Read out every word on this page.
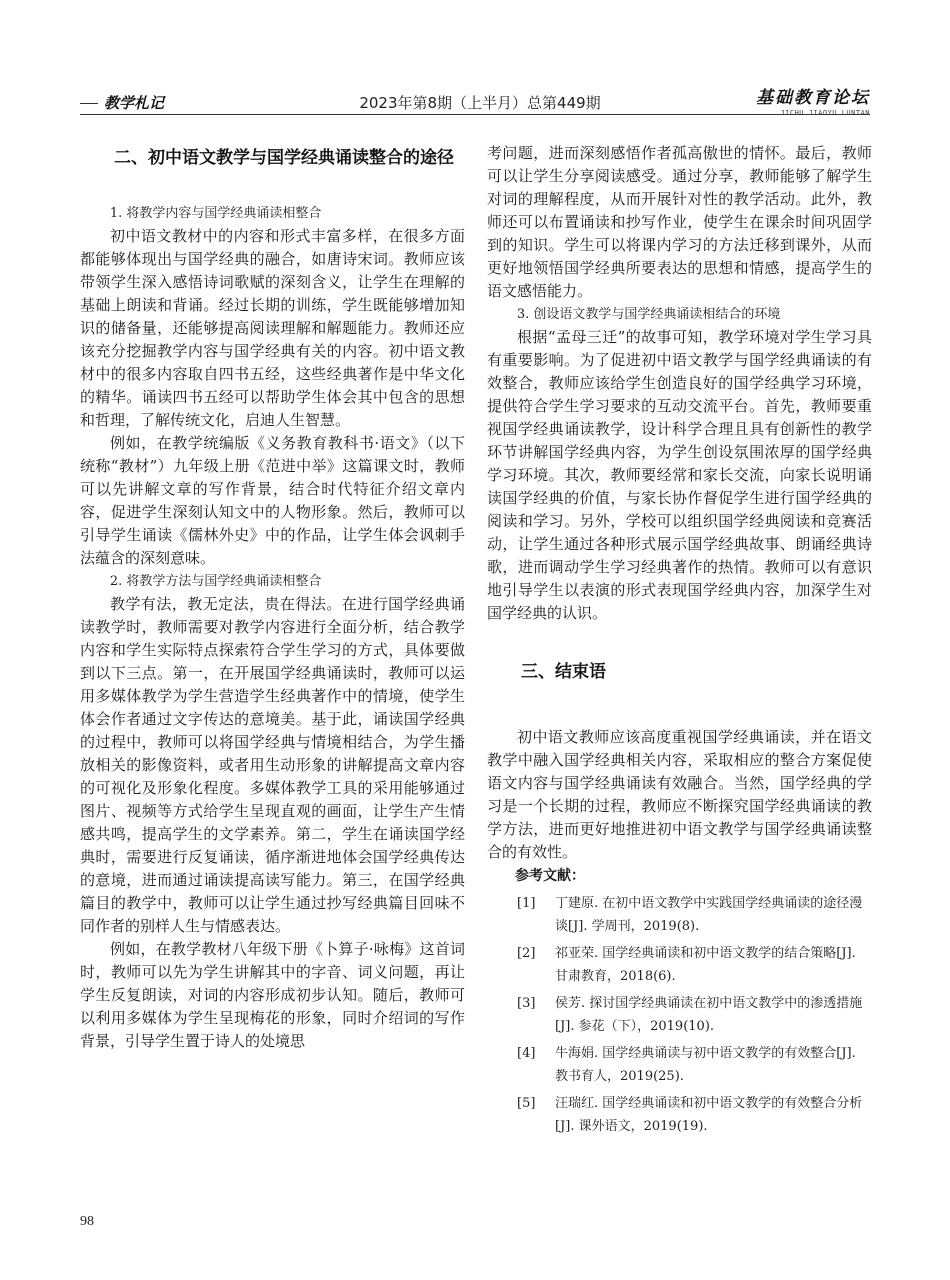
教学札记	2023年第8期（上半月）总第449期	基础教育论坛
JICHU JIAOYU LUNTAN
二、初中语文教学与国学经典诵读整合的途径

1. 将教学内容与国学经典诵读相整合

初中语文教材中的内容和形式丰富多样，在很多方面都能够体现出与国学经典的融合，如唐诗宋词。教师应该带领学生深入感悟诗词歌赋的深刻含义，让学生在理解的基础上朗读和背诵。经过长期的训练，学生既能够增加知识的储备量，还能够提高阅读理解和解题能力。教师还应该充分挖掘教学内容与国学经典有关的内容。初中语文教材中的很多内容取自四书五经，这些经典著作是中华文化的精华。诵读四书五经可以帮助学生体会其中包含的思想和哲理，了解传统文化，启迪人生智慧。

例如，在教学统编版《义务教育教科书·语文》（以下统称“教材”）九年级上册《范进中举》这篇课文时，教师可以先讲解文章的写作背景，结合时代特征介绍文章内容，促进学生深刻认知文中的人物形象。然后，教师可以引导学生诵读《儒林外史》中的作品，让学生体会讽刺手法蕴含的深刻意味。

2. 将教学方法与国学经典诵读相整合

教学有法，教无定法，贵在得法。在进行国学经典诵读教学时，教师需要对教学内容进行全面分析，结合教学内容和学生实际特点探索符合学生学习的方式，具体要做到以下三点。第一，在开展国学经典诵读时，教师可以运用多媒体教学为学生营造学生经典著作中的情境，使学生体会作者通过文字传达的意境美。基于此，诵读国学经典的过程中，教师可以将国学经典与情境相结合，为学生播放相关的影像资料，或者用生动形象的讲解提高文章内容的可视化及形象化程度。多媒体教学工具的采用能够通过图片、视频等方式给学生呈现直观的画面，让学生产生情感共鸣，提高学生的文学素养。第二，学生在诵读国学经典时，需要进行反复诵读，循序渐进地体会国学经典传达的意境，进而通过诵读提高读写能力。第三，在国学经典篇目的教学中，教师可以让学生通过抄写经典篇目回味不同作者的别样人生与情感表达。

例如，在教学教材八年级下册《卜算子·咏梅》这首词时，教师可以先为学生讲解其中的字音、词义问题，再让学生反复朗读，对词的内容形成初步认知。随后，教师可以利用多媒体为学生呈现梅花的形象，同时介绍词的写作背景，引导学生置于诗人的处境思

考问题，进而深刻感悟作者孤高傲世的情怀。最后，教师可以让学生分享阅读感受。通过分享，教师能够了解学生对词的理解程度，从而开展针对性的教学活动。此外，教师还可以布置诵读和抄写作业，使学生在课余时间巩固学到的知识。学生可以将课内学习的方法迁移到课外，从而更好地领悟国学经典所要表达的思想和情感，提高学生的语文感悟能力。

3. 创设语文教学与国学经典诵读相结合的环境

根据“孟母三迁”的故事可知，教学环境对学生学习具有重要影响。为了促进初中语文教学与国学经典诵读的有效整合，教师应该给学生创造良好的国学经典学习环境，提供符合学生学习要求的互动交流平台。首先，教师要重视国学经典诵读教学，设计科学合理且具有创新性的教学环节讲解国学经典内容，为学生创设氛围浓厚的国学经典学习环境。其次，教师要经常和家长交流，向家长说明诵读国学经典的价值，与家长协作督促学生进行国学经典的阅读和学习。另外，学校可以组织国学经典阅读和竞赛活动，让学生通过各种形式展示国学经典故事、朗诵经典诗歌，进而调动学生学习经典著作的热情。教师可以有意识地引导学生以表演的形式表现国学经典内容，加深学生对国学经典的认识。

三、结束语

初中语文教师应该高度重视国学经典诵读，并在语文教学中融入国学经典相关内容，采取相应的整合方案促使语文内容与国学经典诵读有效融合。当然，国学经典的学习是一个长期的过程，教师应不断探究国学经典诵读的教学方法，进而更好地推进初中语文教学与国学经典诵读整合的有效性。

参考文献：
[1] 丁建原. 在初中语文教学中实践国学经典诵读的途径漫谈[J]. 学周刊，2019(8).
[2] 祁亚荣. 国学经典诵读和初中语文教学的结合策略[J]. 甘肃教育，2018(6).
[3] 侯芳. 探讨国学经典诵读在初中语文教学中的渗透措施[J]. 参花（下），2019(10).
[4] 牛海娟. 国学经典诵读与初中语文教学的有效整合[J]. 教书育人，2019(25).
[5] 汪瑞红. 国学经典诵读和初中语文教学的有效整合分析[J]. 课外语文，2019(19).
98
